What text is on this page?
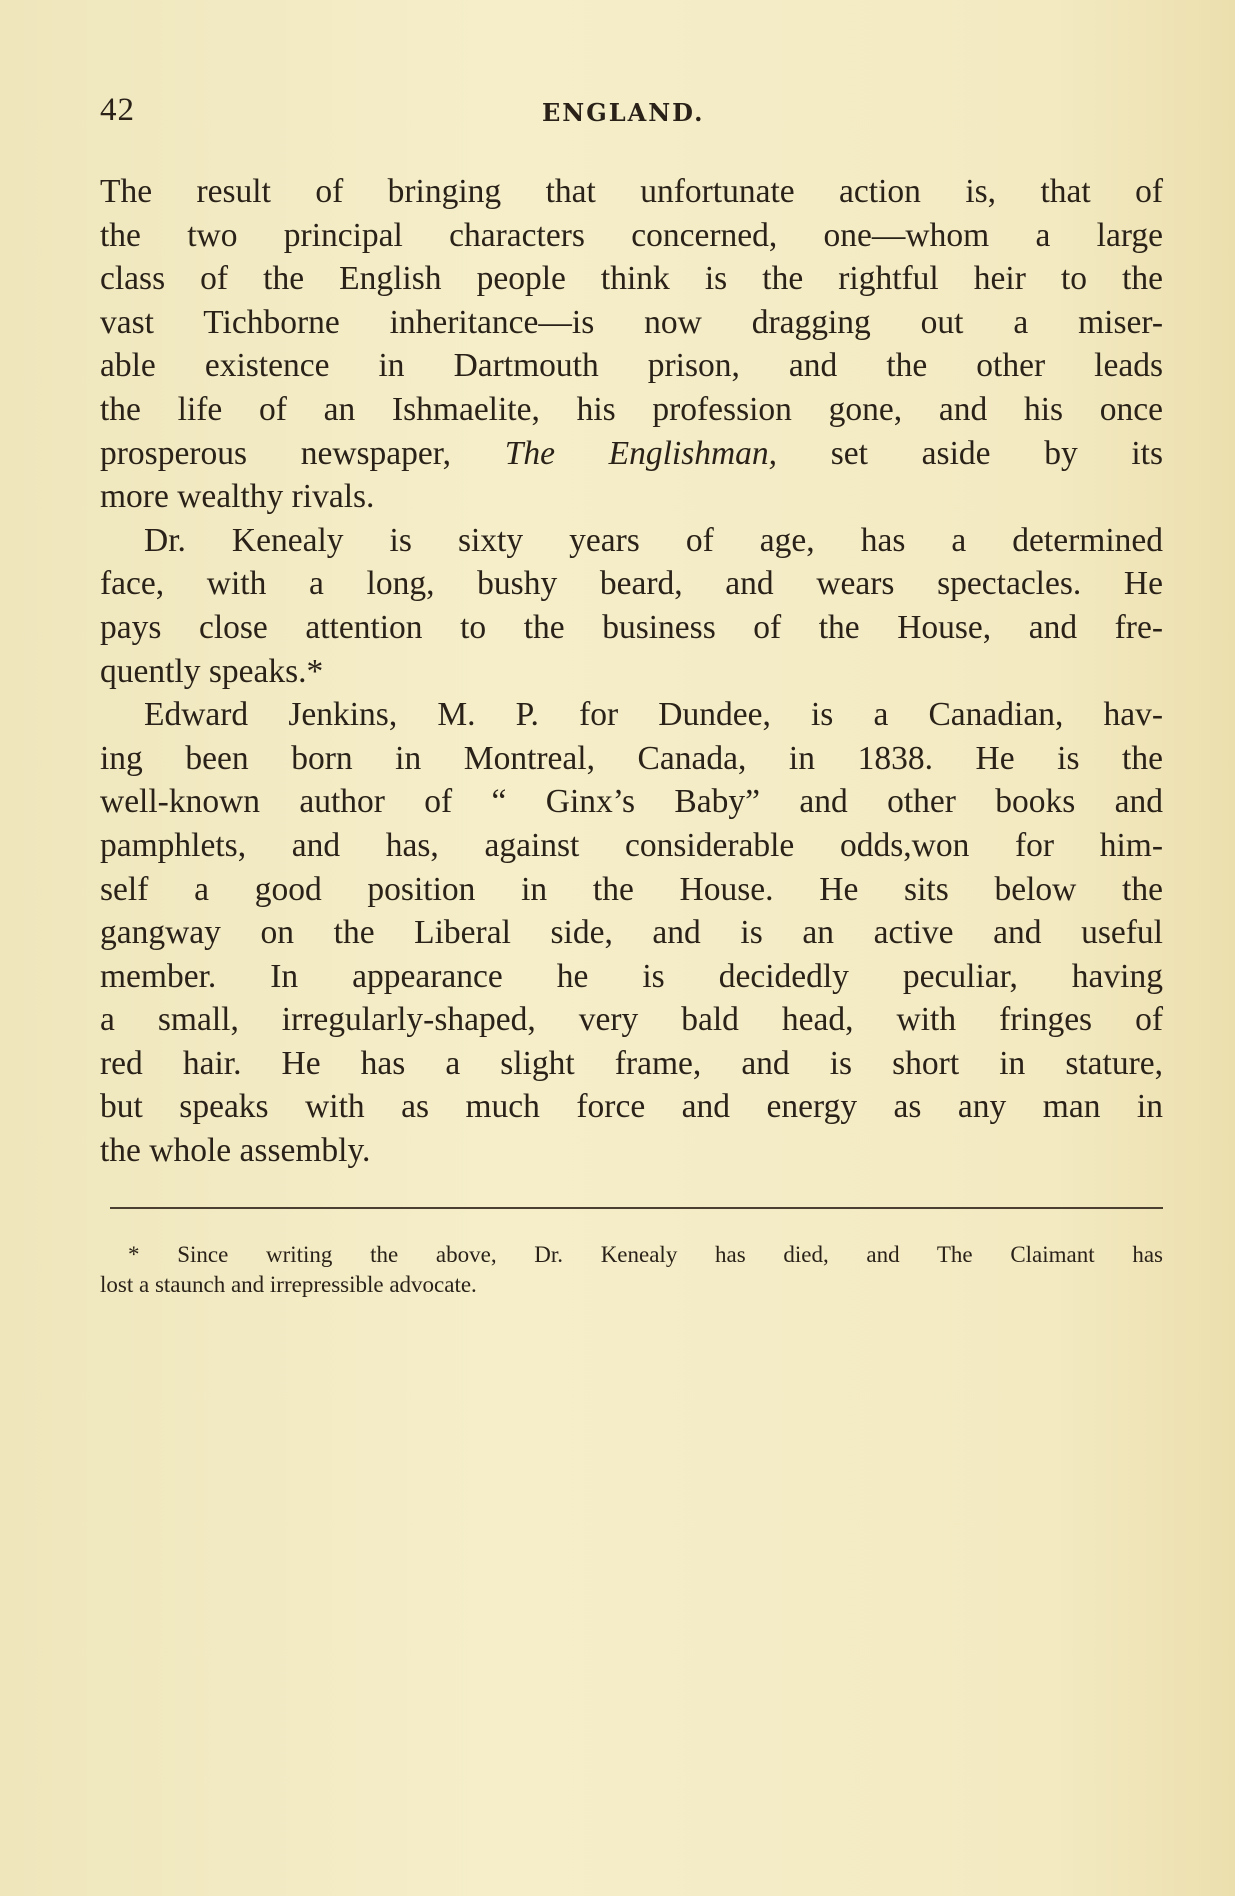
42	ENGLAND.
The result of bringing that unfortunate action is, that of
the two principal characters concerned, one—whom a large
class of the English people think is the rightful heir to the
vast Tichborne inheritance—is now dragging out a miser-
able existence in Dartmouth prison, and the other leads
the life of an Ishmaelite, his profession gone, and his once
prosperous newspaper, The Englishman, set aside by its
more wealthy rivals.
Dr. Kenealy is sixty years of age, has a determined
face, with a long, bushy beard, and wears spectacles. He
pays close attention to the business of the House, and fre-
quently speaks.*
Edward Jenkins, M. P. for Dundee, is a Canadian, hav-
ing been born in Montreal, Canada, in 1838. He is the
well-known author of “ Ginx’s Baby” and other books and
pamphlets, and has, against considerable odds,won for him-
self a good position in the House. He sits below the
gangway on the Liberal side, and is an active and useful
member. In appearance he is decidedly peculiar, having
a small, irregularly-shaped, very bald head, with fringes of
red hair. He has a slight frame, and is short in stature,
but speaks with as much force and energy as any man in
the whole assembly.
* Since writing the above, Dr. Kenealy has died, and The Claimant has
lost a staunch and irrepressible advocate.
